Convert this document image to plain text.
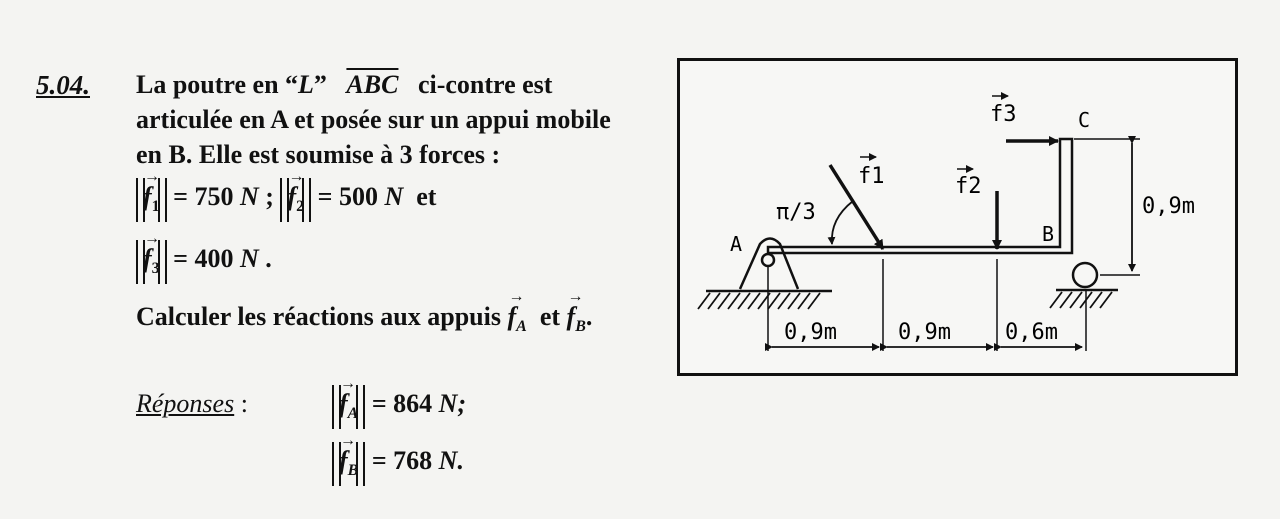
5.04. La poutre en “L” $\overline{ABC}$ ci-contre est
articulée en A et posée sur un appui mobile
en B. Elle est soumise à 3 forces :
→
$f_1 = 750$ N ;
→
$f_2 = 500$ N et
→
$f_3 = 400$ N .
Calculer les réactions aux appuis
→
$f_A$ et
→
$f_B$.
Réponses :
→
$f_A = 864$ N;
→
$f_B = 768$ N.
A	B
C
f1	f2
f3
π/3	0,9m
0,9m	0,9m 0,6m
